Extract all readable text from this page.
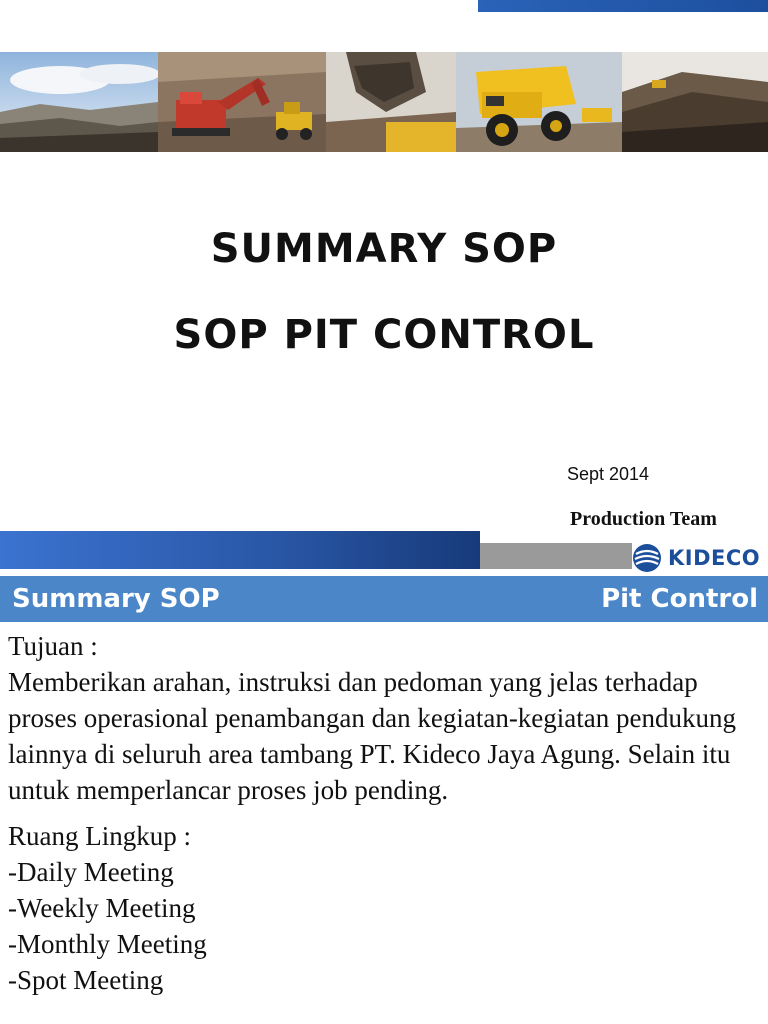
SUMMARY SOP
SOP PIT CONTROL
Sept 2014
Production Team
KIDECO
Summary SOP	Pit Control

Tujuan :

Memberikan arahan, instruksi dan pedoman yang jelas terhadap proses operasional penambangan dan kegiatan-kegiatan pendukung lainnya di seluruh area tambang PT. Kideco Jaya Agung. Selain itu untuk memperlancar proses job pending.

Ruang Lingkup :

-Daily Meeting

-Weekly Meeting

-Monthly Meeting

-Spot Meeting
